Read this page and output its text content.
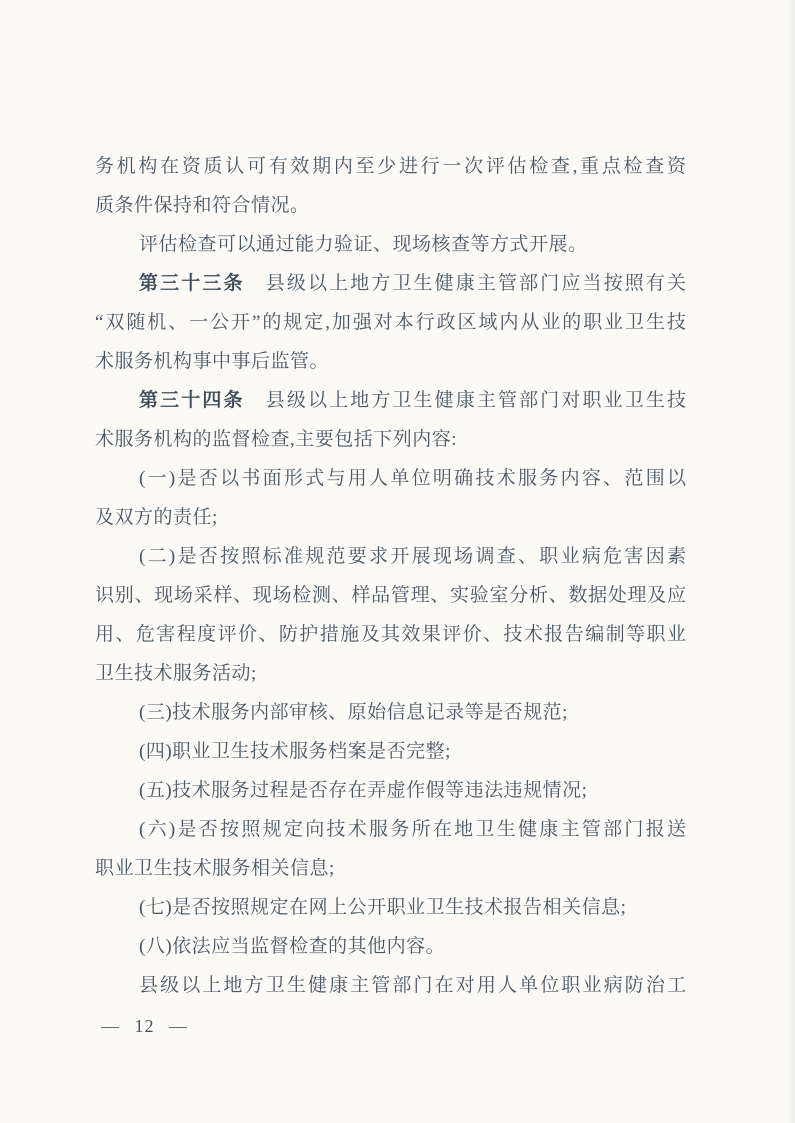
务机构在资质认可有效期内至少进行一次评估检查,重点检查资
质条件保持和符合情况。
评估检查可以通过能力验证、现场核查等方式开展。
第三十三条　县级以上地方卫生健康主管部门应当按照有关
“双随机、一公开”的规定,加强对本行政区域内从业的职业卫生技
术服务机构事中事后监管。
第三十四条　县级以上地方卫生健康主管部门对职业卫生技
术服务机构的监督检查,主要包括下列内容:
(一)是否以书面形式与用人单位明确技术服务内容、范围以
及双方的责任;
(二)是否按照标准规范要求开展现场调查、职业病危害因素
识别、现场采样、现场检测、样品管理、实验室分析、数据处理及应
用、危害程度评价、防护措施及其效果评价、技术报告编制等职业
卫生技术服务活动;
(三)技术服务内部审核、原始信息记录等是否规范;
(四)职业卫生技术服务档案是否完整;
(五)技术服务过程是否存在弄虚作假等违法违规情况;
(六)是否按照规定向技术服务所在地卫生健康主管部门报送
职业卫生技术服务相关信息;
(七)是否按照规定在网上公开职业卫生技术报告相关信息;
(八)依法应当监督检查的其他内容。
县级以上地方卫生健康主管部门在对用人单位职业病防治工
— 12 —
